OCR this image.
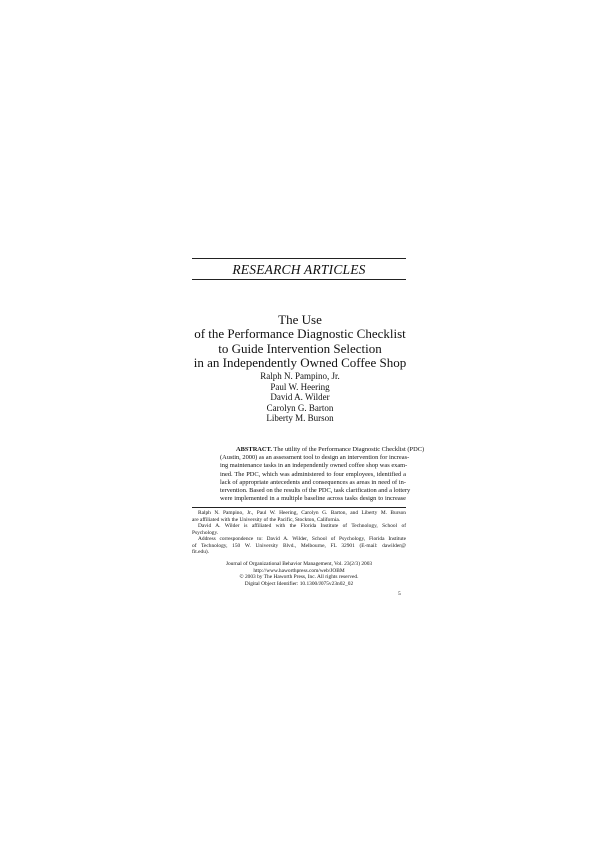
RESEARCH ARTICLES
The Use
of the Performance Diagnostic Checklist
to Guide Intervention Selection
in an Independently Owned Coffee Shop
Ralph N. Pampino, Jr.
Paul W. Heering
David A. Wilder
Carolyn G. Barton
Liberty M. Burson
ABSTRACT. The utility of the Performance Diagnostic Checklist (PDC)
(Austin, 2000) as an assessment tool to design an intervention for increas-
ing maintenance tasks in an independently owned coffee shop was exam-
ined. The PDC, which was administered to four employees, identified a
lack of appropriate antecedents and consequences as areas in need of in-
tervention. Based on the results of the PDC, task clarification and a lottery
were implemented in a multiple baseline across tasks design to increase
Ralph N. Pampino, Jr., Paul W. Heering, Carolyn G. Barton, and Liberty M. Burson
are affiliated with the University of the Pacific, Stockton, California.
David A. Wilder is affiliated with the Florida Institute of Technology, School of
Psychology.
Address correspondence to: David A. Wilder, School of Psychology, Florida Institute
of Technology, 150 W. University Blvd., Melbourne, FL 32901 (E-mail: dawilder@
fit.edu).
Journal of Organizational Behavior Management, Vol. 23(2/3) 2003
http://www.haworthpress.com/web/JOBM
© 2003 by The Haworth Press, Inc. All rights reserved.
Digital Object Identifier: 10.1300/J075v23n02_02
5
